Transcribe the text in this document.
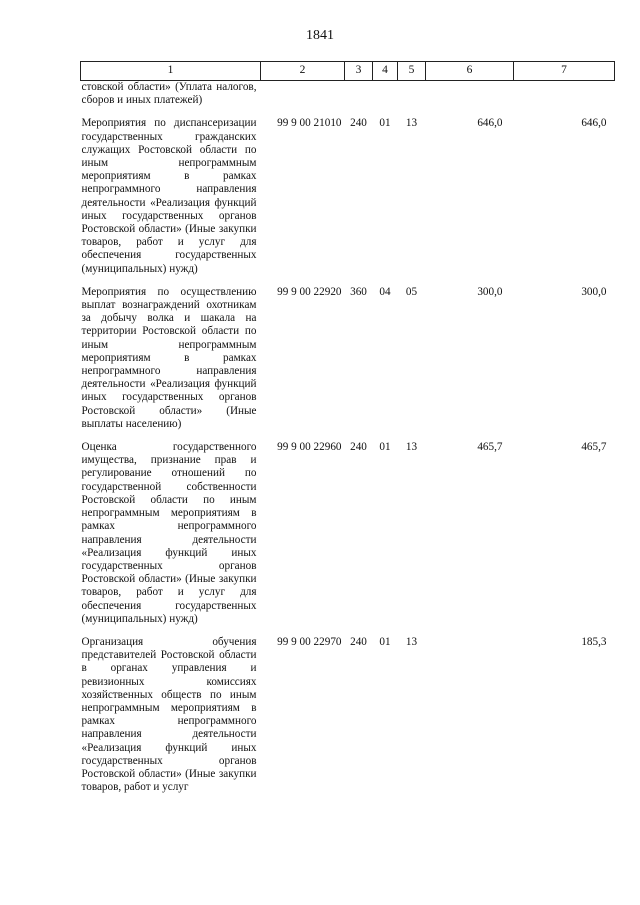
1841
1	2	3	4	5	6	7
стовской области» (Уплата налогов, сборов и иных платежей)						
Мероприятия по диспансеризации государственных гражданских служащих Ростовской области по иным непрограммным мероприятиям в рамках непрограммного направления деятельности «Реализация функций иных государственных органов Ростовской области» (Иные закупки товаров, работ и услуг для обеспечения государственных (муниципальных) нужд)	99 9 00 21010	240	01	13	646,0	646,0
Мероприятия по осуществлению выплат вознаграждений охотникам за добычу волка и шакала на территории Ростовской области по иным непрограммным мероприятиям в рамках непрограммного направления деятельности «Реализация функций иных государственных органов Ростовской области» (Иные выплаты населению)	99 9 00 22920	360	04	05	300,0	300,0
Оценка государственного имущества, признание прав и регулирование отношений по государственной собственности Ростовской области по иным непрограммным мероприятиям в рамках непрограммного направления деятельности «Реализация функций иных государственных органов Ростовской области» (Иные закупки товаров, работ и услуг для обеспечения государственных (муниципальных) нужд)	99 9 00 22960	240	01	13	465,7	465,7
Организация обучения представителей Ростовской области в органах управления и ревизионных комиссиях хозяйственных обществ по иным непрограммным мероприятиям в рамках непрограммного направления деятельности «Реализация функций иных государственных органов Ростовской области» (Иные закупки товаров, работ и услуг	99 9 00 22970	240	01	13		185,3
